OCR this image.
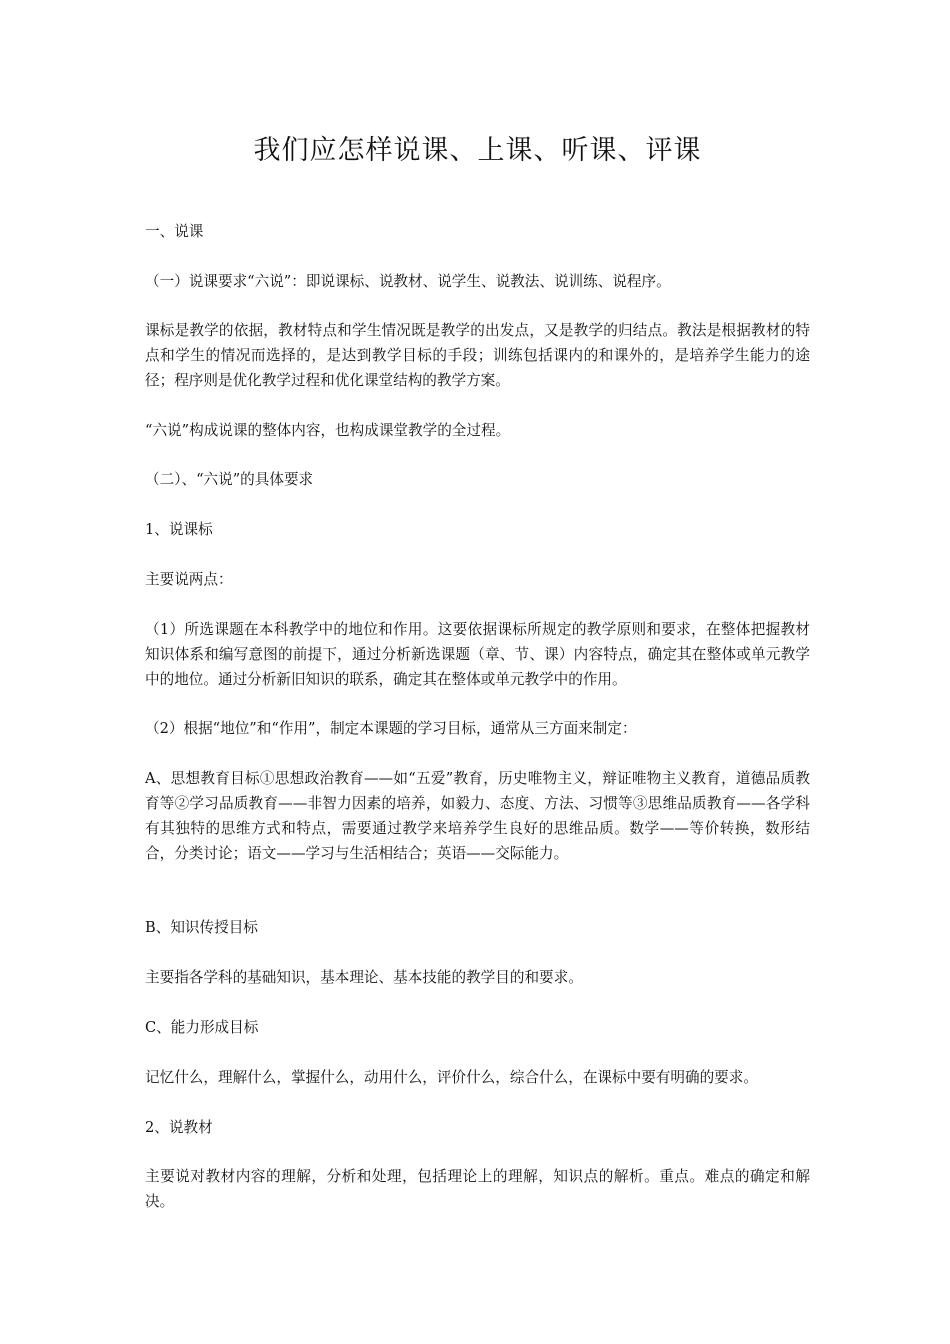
我们应怎样说课、上课、听课、评课

一、说课

（一）说课要求“六说”：即说课标、说教材、说学生、说教法、说训练、说程序。

课标是教学的依据，教材特点和学生情况既是教学的出发点，又是教学的归结点。教法是根据教材的特点和学生的情况而选择的，是达到教学目标的手段；训练包括课内的和课外的，是培养学生能力的途径；程序则是优化教学过程和优化课堂结构的教学方案。

“六说”构成说课的整体内容，也构成课堂教学的全过程。

（二）、“六说”的具体要求

1、说课标

主要说两点：

（1）所选课题在本科教学中的地位和作用。这要依据课标所规定的教学原则和要求，在整体把握教材知识体系和编写意图的前提下，通过分析新选课题（章、节、课）内容特点，确定其在整体或单元教学中的地位。通过分析新旧知识的联系，确定其在整体或单元教学中的作用。

（2）根据“地位”和“作用”，制定本课题的学习目标，通常从三方面来制定：

A、思想教育目标①思想政治教育——如“五爱”教育，历史唯物主义，辩证唯物主义教育，道德品质教育等②学习品质教育——非智力因素的培养，如毅力、态度、方法、习惯等③思维品质教育——各学科有其独特的思维方式和特点，需要通过教学来培养学生良好的思维品质。数学——等价转换，数形结合，分类讨论；语文——学习与生活相结合；英语——交际能力。

B、知识传授目标

主要指各学科的基础知识，基本理论、基本技能的教学目的和要求。

C、能力形成目标

记忆什么，理解什么，掌握什么，动用什么，评价什么，综合什么，在课标中要有明确的要求。

2、说教材

主要说对教材内容的理解，分析和处理，包括理论上的理解，知识点的解析。重点。难点的确定和解决。
